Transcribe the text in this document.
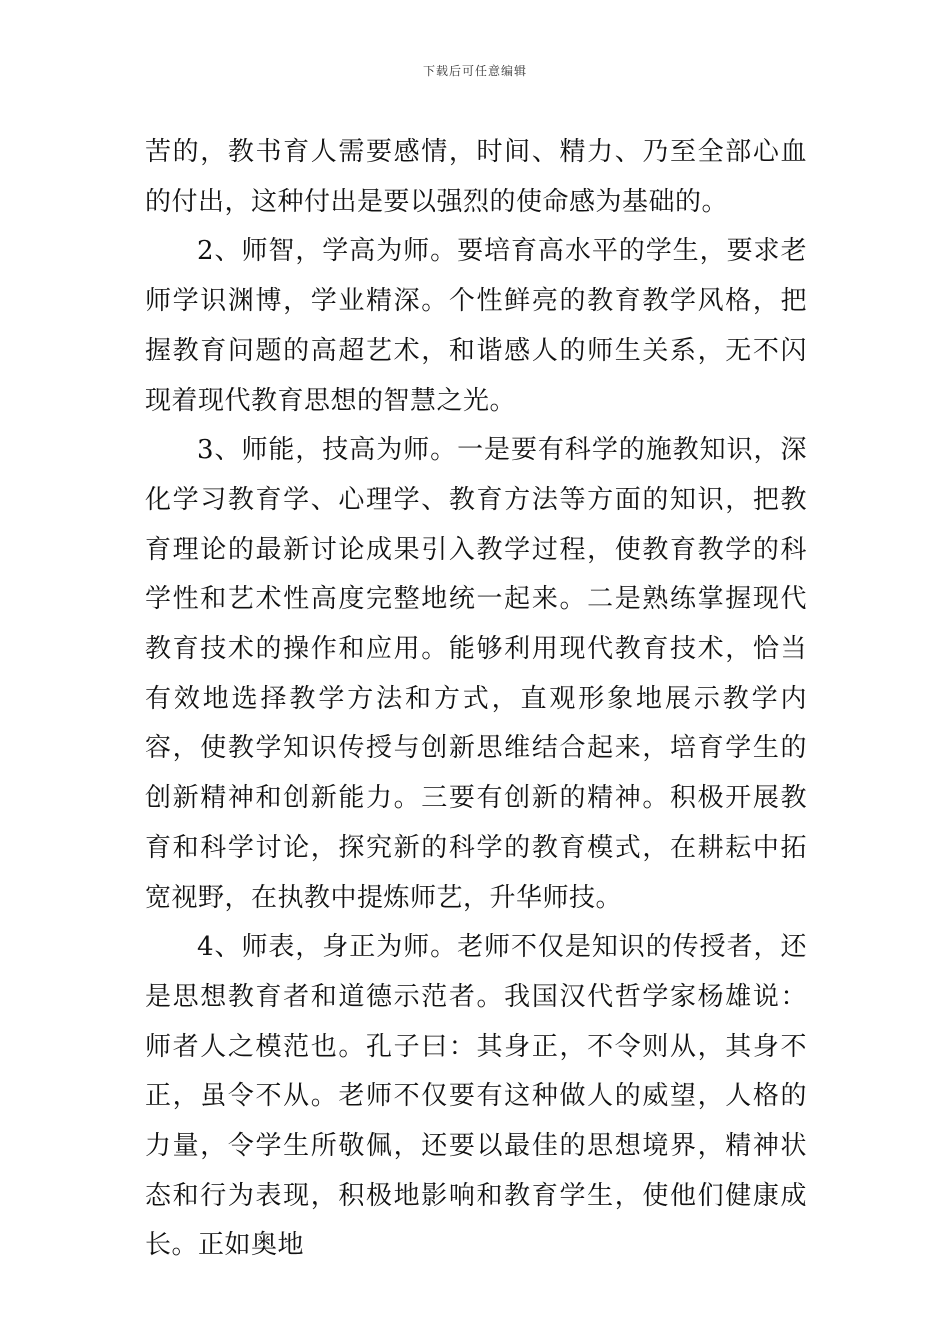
下载后可任意编辑

苦的，教书育人需要感情，时间、精力、乃至全部心血的付出，这种付出是要以强烈的使命感为基础的。

2、师智，学高为师。要培育高水平的学生，要求老师学识渊博，学业精深。个性鲜亮的教育教学风格，把握教育问题的高超艺术，和谐感人的师生关系，无不闪现着现代教育思想的智慧之光。

3、师能，技高为师。一是要有科学的施教知识，深化学习教育学、心理学、教育方法等方面的知识，把教育理论的最新讨论成果引入教学过程，使教育教学的科学性和艺术性高度完整地统一起来。二是熟练掌握现代教育技术的操作和应用。能够利用现代教育技术，恰当有效地选择教学方法和方式，直观形象地展示教学内容，使教学知识传授与创新思维结合起来，培育学生的创新精神和创新能力。三要有创新的精神。积极开展教育和科学讨论，探究新的科学的教育模式，在耕耘中拓宽视野，在执教中提炼师艺，升华师技。

4、师表，身正为师。老师不仅是知识的传授者，还是思想教育者和道德示范者。我国汉代哲学家杨雄说：师者人之模范也。孔子曰：其身正，不令则从，其身不正，虽令不从。老师不仅要有这种做人的威望，人格的力量，令学生所敬佩，还要以最佳的思想境界，精神状态和行为表现，积极地影响和教育学生，使他们健康成长。正如奥地
